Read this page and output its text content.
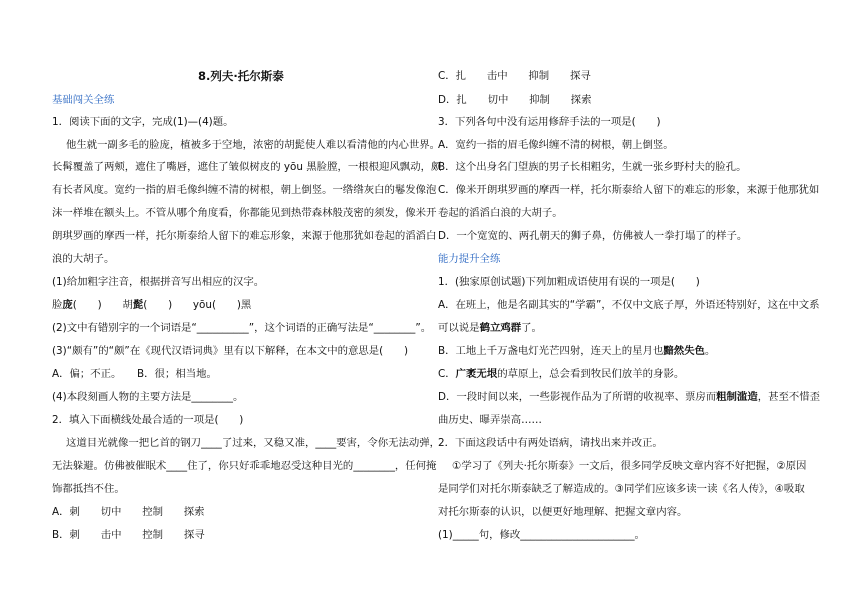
8.列夫·托尔斯泰
基础闯关全练
1．阅读下面的文字，完成(1)—(4)题。
他生就一副多毛的脸庞，植被多于空地，浓密的胡髭使人难以看清他的内心世界。
长髯覆盖了两颊，遮住了嘴唇，遮住了皱似树皮的 yōu 黑脸膛，一根根迎风飘动，颇
有长者风度。宽约一指的眉毛像纠缠不清的树根，朝上倒竖。一绺绺灰白的鬈发像泡
沫一样堆在额头上。不管从哪个角度看，你都能见到热带森林般茂密的须发，像米开
朗琪罗画的摩西一样，托尔斯泰给人留下的难忘形象，来源于他那犹如卷起的滔滔白
浪的大胡子。
(1)给加粗字注音，根据拼音写出相应的汉字。
脸庞(　　)　　胡髭(　　)　　yōu(　　)黑
(2)文中有错别字的一个词语是“__________”，这个词语的正确写法是“________”。
(3)“颇有”的“颇”在《现代汉语词典》里有以下解释，在本文中的意思是(　　)
A．偏；不正。　　B．很；相当地。
(4)本段刻画人物的主要方法是________。
2．填入下面横线处最合适的一项是(　　)
这道目光就像一把匕首的钢刀____了过来，又稳又准，____要害，令你无法动弹，
无法躲避。仿佛被催眠术____住了，你只好乖乖地忍受这种目光的________，任何掩
饰都抵挡不住。
A．刺　　切中　　控制　　探索
B．刺　　击中　　控制　　探寻
C．扎　　击中　　抑制　　探寻
D．扎　　切中　　抑制　　探索
3．下列各句中没有运用修辞手法的一项是(　　)
A．宽约一指的眉毛像纠缠不清的树根，朝上倒竖。
B．这个出身名门望族的男子长相粗劣，生就一张乡野村夫的脸孔。
C．像米开朗琪罗画的摩西一样，托尔斯泰给人留下的难忘的形象，来源于他那犹如
卷起的滔滔白浪的大胡子。
D．一个宽宽的、两孔朝天的狮子鼻，仿佛被人一拳打塌了的样子。
能力提升全练
1．(独家原创试题)下列加粗成语使用有误的一项是(　　)
A．在班上，他是名副其实的“学霸”，不仅中文底子厚，外语还特别好，这在中文系
可以说是鹤立鸡群了。
B．工地上千万盏电灯光芒四射，连天上的星月也黯然失色。
C．广袤无垠的草原上，总会看到牧民们放羊的身影。
D．一段时间以来，一些影视作品为了所谓的收视率、票房而粗制滥造，甚至不惜歪
曲历史、曝弄崇高……
2．下面这段话中有两处语病，请找出来并改正。
①学习了《列夫·托尔斯泰》一文后，很多同学反映文章内容不好把握，②原因
是同学们对托尔斯泰缺乏了解造成的。③同学们应该多读一读《名人传》，④吸取
对托尔斯泰的认识，以便更好地理解、把握文章内容。
(1)_____句，修改______________________。
